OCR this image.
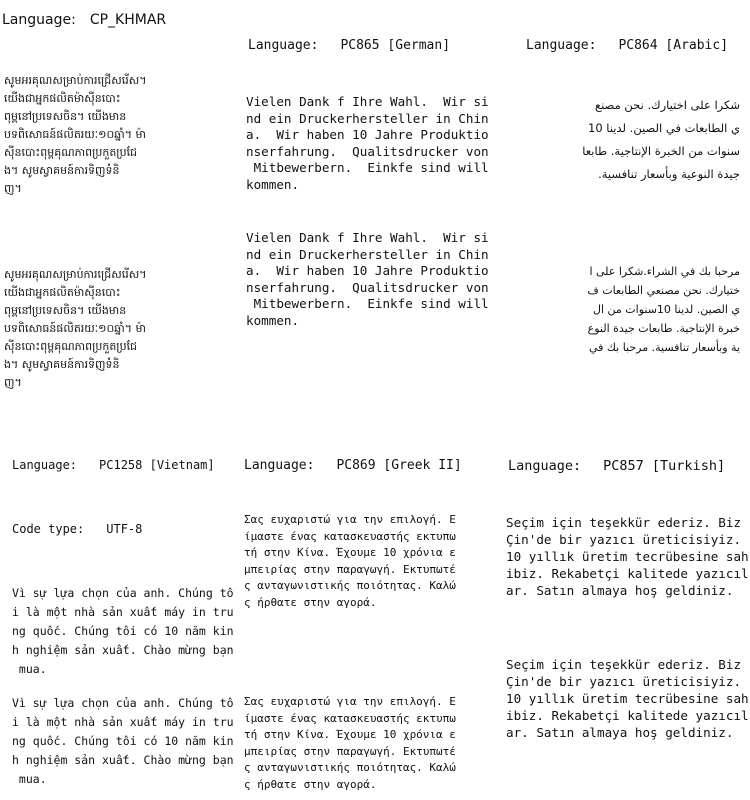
Language: CP_KHMAR
សូមអរគុណសម្រាប់ការជ្រើសរើស។
យើងជាអ្នកផលិតម៉ាស៊ីនបោះ
ពុម្ពនៅប្រទេសចិន។ យើងមាន
បទពិសោធន៍ផលិតរយៈ១០ឆ្នាំ។ ម៉ា
ស៊ីនបោះពុម្ពគុណភាពប្រកួតប្រជែ
ង។ សូមស្វាគមន៍ការទិញទំនិ
ញ។
សូមអរគុណសម្រាប់ការជ្រើសរើស។
យើងជាអ្នកផលិតម៉ាស៊ីនបោះ
ពុម្ពនៅប្រទេសចិន។ យើងមាន
បទពិសោធន៍ផលិតរយៈ១០ឆ្នាំ។ ម៉ា
ស៊ីនបោះពុម្ពគុណភាពប្រកួតប្រជែ
ង។ សូមស្វាគមន៍ការទិញទំនិ
ញ។
Language: PC865 [German]
Vielen Dank f Ihre Wahl.  Wir si
nd ein Druckerhersteller in Chin
a.  Wir haben 10 Jahre Produktio
nserfahrung.  Qualitsdrucker von
Mitbewerbern.  Einkfe sind will
kommen.
Vielen Dank f Ihre Wahl.  Wir si
nd ein Druckerhersteller in Chin
a.  Wir haben 10 Jahre Produktio
nserfahrung.  Qualitsdrucker von
Mitbewerbern.  Einkfe sind will
kommen.
Language: PC864 [Arabic]
شكرا على اختيارك. نحن مصنع
ي الطابعات في الصين. لدينا 10
سنوات من الخبرة الإنتاجية. طابعا
جيدة النوعية وبأسعار تنافسية.
مرحبا بك في الشراء.شكرا على ا
ختيارك. نحن مصنعي الطابعات ف
ي الصين. لدينا 10سنوات من ال
خبرة الإنتاجية. طابعات جيدة النوع
ية وبأسعار تنافسية. مرحبا بك في
Language: PC1258 [Vietnam]
Code type: UTF-8
Vì sự lựa chọn của anh. Chúng tô
i là một nhà sản xuất máy in tru
ng quốc. Chúng tôi có 10 năm kin
h nghiệm sản xuất. Chào mừng bạn
mua.
Vì sự lựa chọn của anh. Chúng tô
i là một nhà sản xuất máy in tru
ng quốc. Chúng tôi có 10 năm kin
h nghiệm sản xuất. Chào mừng bạn
mua.
Language: PC869 [Greek II]
Σας ευχαριστώ για την επιλογή. Ε
ίμαστε ένας κατασκευαστής εκτυπω
τή στην Κίνα. Έχουμε 10 χρόνια ε
μπειρίας στην παραγωγή. Εκτυπωτέ
ς ανταγωνιστικής ποιότητας. Καλώ
ς ήρθατε στην αγορά.
Σας ευχαριστώ για την επιλογή. Ε
ίμαστε ένας κατασκευαστής εκτυπω
τή στην Κίνα. Έχουμε 10 χρόνια ε
μπειρίας στην παραγωγή. Εκτυπωτέ
ς ανταγωνιστικής ποιότητας. Καλώ
ς ήρθατε στην αγορά.
Language: PC857 [Turkish]
Seçim için teşekkür ederiz. Biz
Çin'de bir yazıcı üreticisiyiz.
10 yıllık üretim tecrübesine sah
ibiz. Rekabetçi kalitede yazıcıl
ar. Satın almaya hoş geldiniz.
Seçim için teşekkür ederiz. Biz
Çin'de bir yazıcı üreticisiyiz.
10 yıllık üretim tecrübesine sah
ibiz. Rekabetçi kalitede yazıcıl
ar. Satın almaya hoş geldiniz.
